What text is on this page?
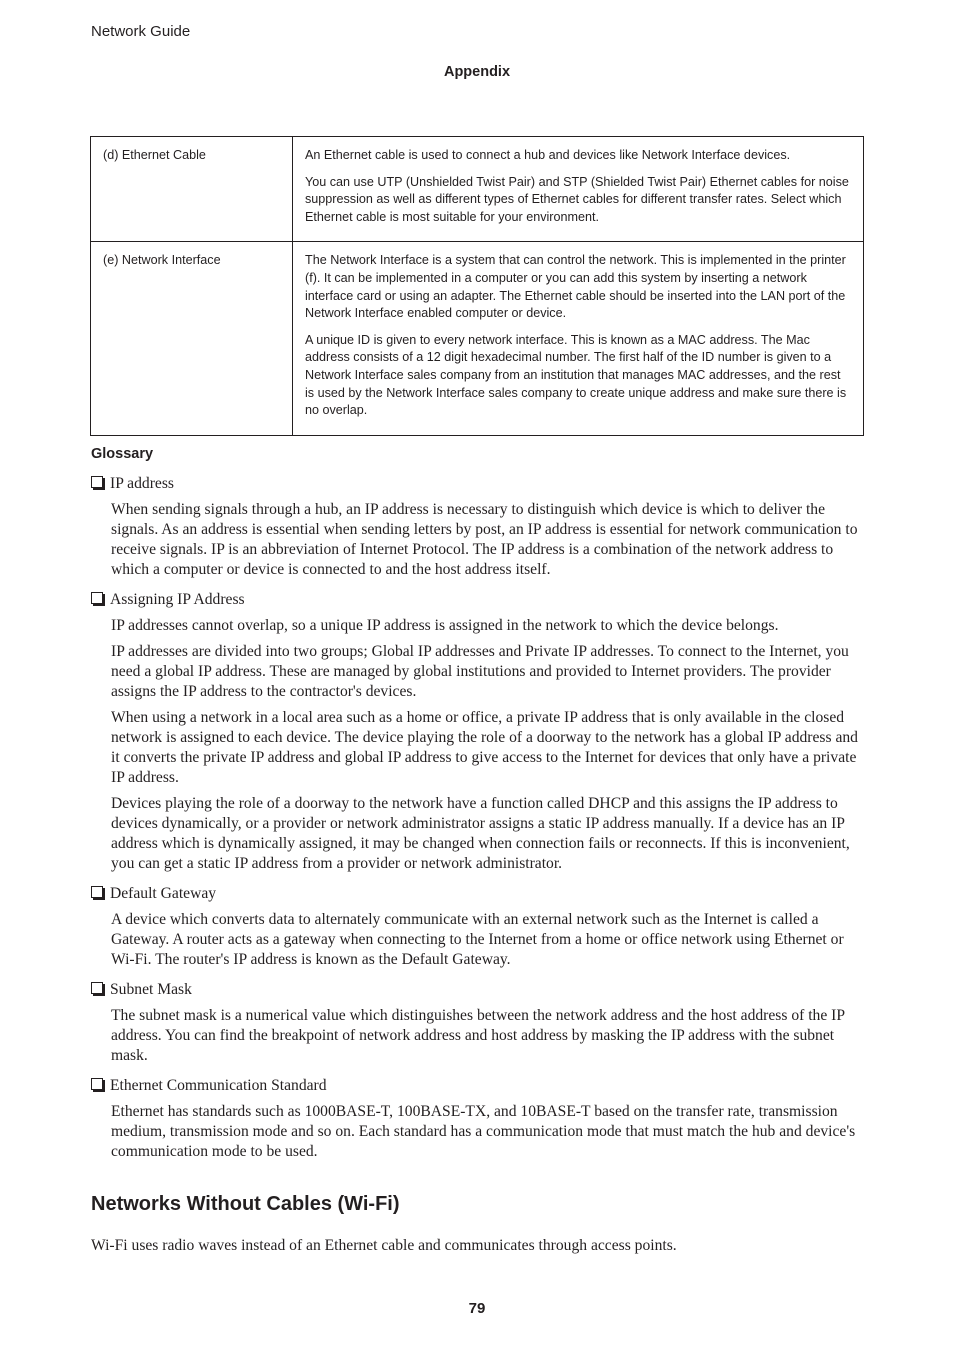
Network Guide
Appendix
(d) Ethernet Cable	An Ethernet cable is used to connect a hub and devices like Network Interface devices.

You can use UTP (Unshielded Twist Pair) and STP (Shielded Twist Pair) Ethernet cables for noise suppression as well as different types of Ethernet cables for different transfer rates. Select which Ethernet cable is most suitable for your environment.

(e) Network Interface	The Network Interface is a system that can control the network. This is implemented in the printer (f). It can be implemented in a computer or you can add this system by inserting a network interface card or using an adapter. The Ethernet cable should be inserted into the LAN port of the Network Interface enabled computer or device.

A unique ID is given to every network interface. This is known as a MAC address. The Mac address consists of a 12 digit hexadecimal number. The first half of the ID number is given to a Network Interface sales company from an institution that manages MAC addresses, and the rest is used by the Network Interface sales company to create unique address and make sure there is no overlap.

Glossary
IP address

When sending signals through a hub, an IP address is necessary to distinguish which device is which to deliver the signals. As an address is essential when sending letters by post, an IP address is essential for network communication to receive signals. IP is an abbreviation of Internet Protocol. The IP address is a combination of the network address to which a computer or device is connected to and the host address itself.

Assigning IP Address

IP addresses cannot overlap, so a unique IP address is assigned in the network to which the device belongs.

IP addresses are divided into two groups; Global IP addresses and Private IP addresses. To connect to the Internet, you need a global IP address. These are managed by global institutions and provided to Internet providers. The provider assigns the IP address to the contractor's devices.

When using a network in a local area such as a home or office, a private IP address that is only available in the closed network is assigned to each device. The device playing the role of a doorway to the network has a global IP address and it converts the private IP address and global IP address to give access to the Internet for devices that only have a private IP address.

Devices playing the role of a doorway to the network have a function called DHCP and this assigns the IP address to devices dynamically, or a provider or network administrator assigns a static IP address manually. If a device has an IP address which is dynamically assigned, it may be changed when connection fails or reconnects. If this is inconvenient, you can get a static IP address from a provider or network administrator.

Default Gateway

A device which converts data to alternately communicate with an external network such as the Internet is called a Gateway. A router acts as a gateway when connecting to the Internet from a home or office network using Ethernet or Wi-Fi. The router's IP address is known as the Default Gateway.

Subnet Mask

The subnet mask is a numerical value which distinguishes between the network address and the host address of the IP address. You can find the breakpoint of network address and host address by masking the IP address with the subnet mask.

Ethernet Communication Standard

Ethernet has standards such as 1000BASE-T, 100BASE-TX, and 10BASE-T based on the transfer rate, transmission medium, transmission mode and so on. Each standard has a communication mode that must match the hub and device's communication mode to be used.

Networks Without Cables (Wi-Fi)
Wi-Fi uses radio waves instead of an Ethernet cable and communicates through access points.
79
